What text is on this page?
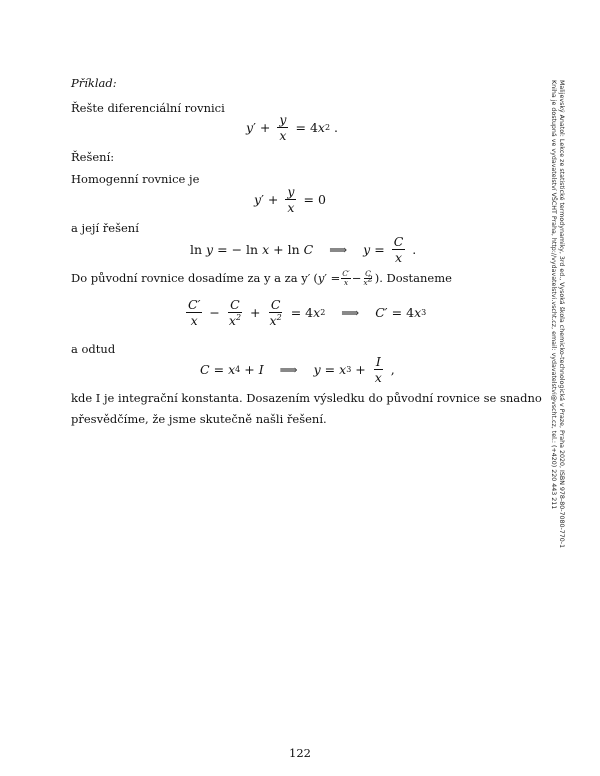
Příklad:
Řešte diferenciální rovnici
y ′ + $\frac{y}{x} = 4$ x 2 .
Řešení:
Homogenní rovnice je
y ′ + $\frac{y}{x} = 0$
a její řešení
ln y = − ln x + ln C ⟹ $y = \frac{C}{x}$ .
Do původní rovnice dosadíme za y a za y′ ($y' = \frac{C'}{x} - \frac{C}{x^2}$ ) . Dostaneme
$\frac{C'}{x} - \frac{C}{x^2} + \frac{C}{x^2} = 4$ x 2 ⟹ C ′ = 4 x 3
a odtud
C = x 4 + I ⟹ y = x $3 + \frac{I}{x}$ ,
kde I je integrační konstanta. Dosazením výsledku do původní rovnice se snadno
přesvědčíme, že jsme skutečně našli řešení.	Malijevský Anatol: Lekce ze statistické termodynamiky, 3rd ed., Vysoká škola chemicko-technologická v Praze, Praha 2020, ISBN 978-80-7080-770-1
Kniha je dostupná ve vydavatelství VŠCHT Praha, http://vydavatelstvi.vscht.cz, email: vydavatelstvi@vscht.cz, tel.: (+420) 220 443 211
122
